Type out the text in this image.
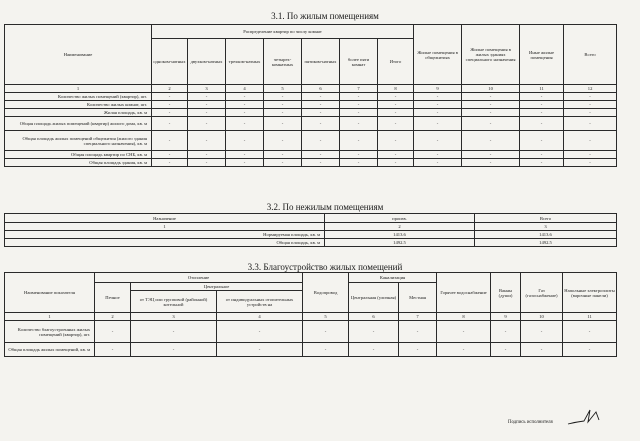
3.1. По жилым помещениям
Наименование	Распределение квартир по числу комнат							Жилые помещения в общежитиях	Жилые помещения в жилых зданиях специального назначения	Иные жилые помещения	Всего
	одноком-натных	двухком-натных	трехком-натных	четырех-комнатных	пятиком-натных	более пяти комнат	Итого				
1	2	3	4	5	6	7	8	9	10	11	12
Количество жилых помещений (квартир), шт.	-	-	-	-	-	-	-	-	-	-	-
Количество жилых комнат, шт.	-	-	-	-	-	-	-	-	-	-	-
Жилая площадь, кв. м	-	-	-	-	-	-	-	-	-	-	-
Общая площадь жилых помещений (квартир) жилого дома, кв. м	-	-	-	-	-	-	-	-	-	-	-
Общая площадь жилых помещений общежития (жилого здания специального назначения), кв. м	-	-	-	-	-	-	-	-	-	-	-
Общая площадь квартир по СНБ, кв. м	-	-	-	-	-	-	-	-	-	-	-
Общая площадь здания, кв. м	-	-	-	-	-	-	-	-	-	-	-
3.2. По нежилым помещениям
Назначение	произв.	Всего
1	2	3
Нормируемая площадь, кв. м	1413.6	1413.6
Общая площадь, кв. м	1492.5	1492.5
3.3. Благоустройство жилых помещений
Наименование показателя	Отопление			Водопровод	Канализация		Горячее водоснабжение	Ванны (души)	Газ (газоснабжение)	Напольные электроплиты (варочные панели)
	Печное	Центральное			Центральная (уличная)	Местная				
		от ТЭЦ или групповой (районной) котельной	от индивидуальных отопительных устройств на							
1	2	3	4	5	6	7	8	9	10	11
Количество благоустроенных жилых помещений (квартир), шт.	-	-	-	-	-	-	-	-	-	-
Общая площадь жилых помещений, кв. м	-	-	-	-	-	-	-	-	-	-
Подпись исполнителя
